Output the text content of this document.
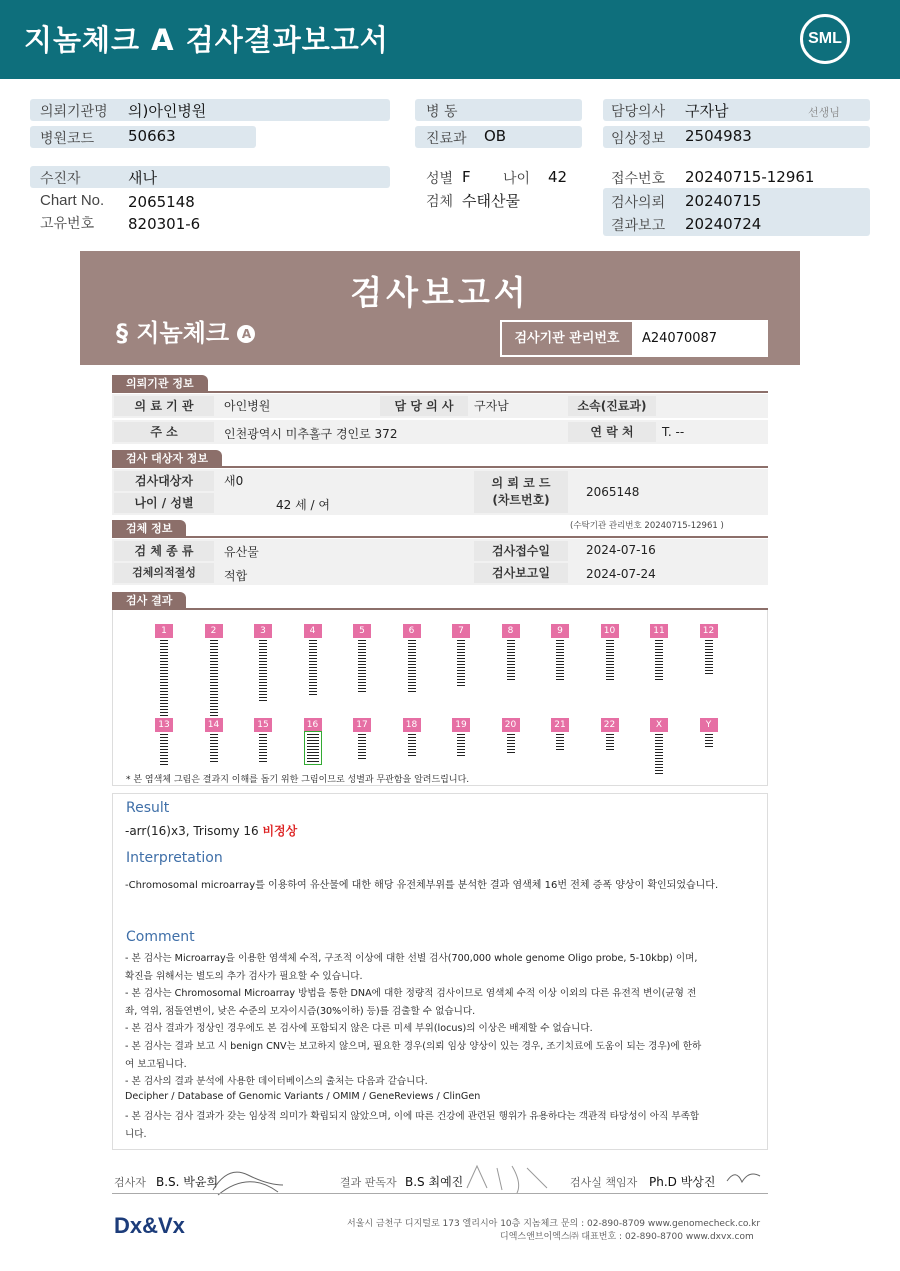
지놈체크 A 검사결과보고서	SML
의뢰기관명 의)아인병원
병원코드 50663
병 동
진료과 OB
담당의사 구자남	선생님
임상정보 2504983
수진자	새나
Chart No. 2065148
고유번호 820301-6
성별 F 나이 42
검체 수태산물
접수번호 20240715-12961
검사의뢰 20240715
결과보고 20240724
검사보고서
§ 지놈체크 A	검사기관 관리번호	A24070087
의뢰기관 정보
의 료 기 관	아인병원	담 당 의 사	구자남	소속(진료과)
주 소	인천광역시 미추홀구 경인로 372	연 락 처	T. --
검사 대상자 정보
검사대상자	새0
나이 / 성별	42 세 / 여
의 뢰 코 드
(차트번호)
2065148
검체 정보	(수탁기관 관리번호 20240715-12961 )
검 체 종 류	유산물	검사접수일	2024-07-16
검체의적절성	적합	검사보고일	2024-07-24
검사 결과
1	2	3	4	5	6	7	8	9	10	11	12
13	14	15	16	17	18	19	20	21	22	X	Y
* 본 염색체 그림은 결과지 이해를 돕기 위한 그림이므로 성별과 무관함을 알려드립니다.
Result
-arr(16)x3, Trisomy 16 비정상
Interpretation
-Chromosomal microarray를 이용하여 유산물에 대한 해당 유전체부위를 분석한 결과 염색체 16번 전체 증폭 양상이 확인되었습니다.
Comment
- 본 검사는 Microarray을 이용한 염색체 수적, 구조적 이상에 대한 선별 검사(700,000 whole genome Oligo probe, 5-10kbp) 이며,
확진을 위해서는 별도의 추가 검사가 필요할 수 있습니다.
- 본 검사는 Chromosomal Microarray 방법을 통한 DNA에 대한 정량적 검사이므로 염색체 수적 이상 이외의 다른 유전적 변이(균형 전
좌, 역위, 점돌연변이, 낮은 수준의 모자이시즘(30%이하) 등)를 검출할 수 없습니다.
- 본 검사 결과가 정상인 경우에도 본 검사에 포함되지 않은 다른 미세 부위(locus)의 이상은 배제할 수 없습니다.
- 본 검사는 결과 보고 시 benign CNV는 보고하지 않으며, 필요한 경우(의뢰 임상 양상이 있는 경우, 조기치료에 도움이 되는 경우)에 한하
여 보고됩니다.
- 본 검사의 결과 분석에 사용한 데이터베이스의 출처는 다음과 같습니다.
Decipher / Database of Genomic Variants / OMIM / GeneReviews / ClinGen
- 본 검사는 검사 결과가 갖는 임상적 의미가 확립되지 않았으며, 이에 따른 건강에 관련된 행위가 유용하다는 객관적 타당성이 아직 부족합
니다.
검사자 B.S. 박윤희	결과 판독자 B.S 최예진	검사실 책임자 Ph.D 박상진
Dx&Vx	서울시 금천구 디지털로 173 엘리시아 10층 지놈체크 문의 : 02-890-8709 www.genomecheck.co.kr
디엑스앤브이엑스㈜ 대표번호 : 02-890-8700 www.dxvx.com
